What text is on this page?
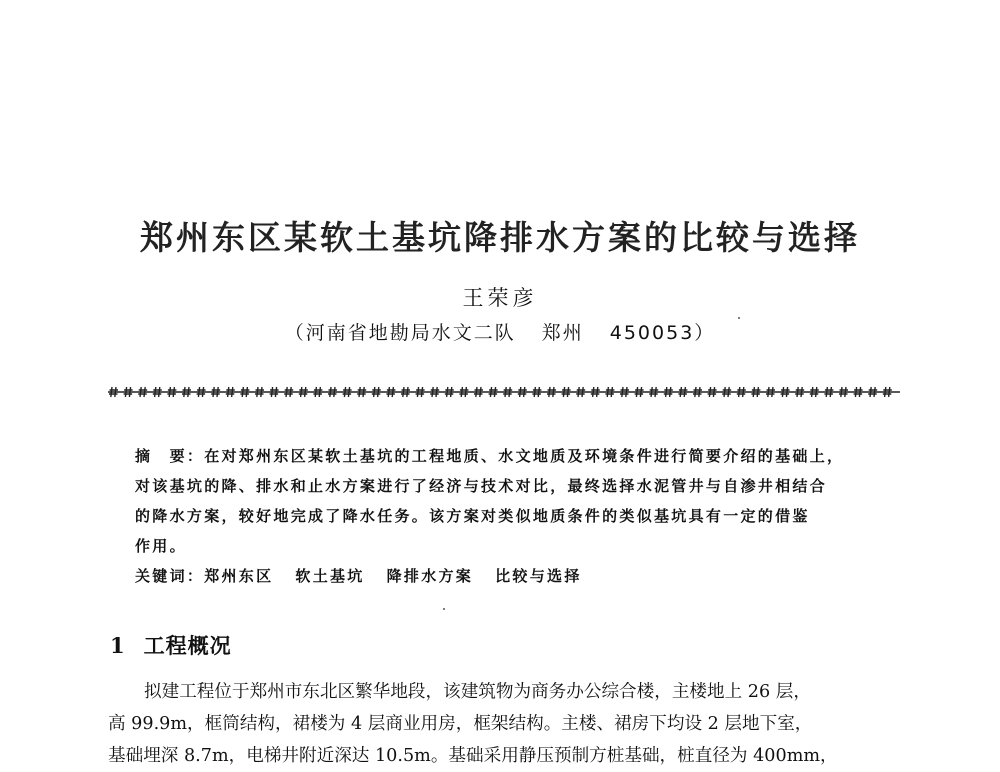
郑州东区某软土基坑降排水方案的比较与选择
王荣彦
（河南省地勘局水文二队 郑州 450053）
摘　要：在对郑州东区某软土基坑的工程地质、水文地质及环境条件进行简要介绍的基础上，
对该基坑的降、排水和止水方案进行了经济与技术对比，最终选择水泥管井与自渗井相结合
的降水方案，较好地完成了降水任务。该方案对类似地质条件的类似基坑具有一定的借鉴
作用。
关键词：郑州东区 软土基坑 降排水方案 比较与选择
1 工程概况
拟建工程位于郑州市东北区繁华地段，该建筑物为商务办公综合楼，主楼地上 26 层，
高 99.9m，框筒结构，裙楼为 4 层商业用房，框架结构。主楼、裙房下均设 2 层地下室，
基础埋深 8.7m，电梯井附近深达 10.5m。基础采用静压预制方桩基础，桩直径为 400mm，
